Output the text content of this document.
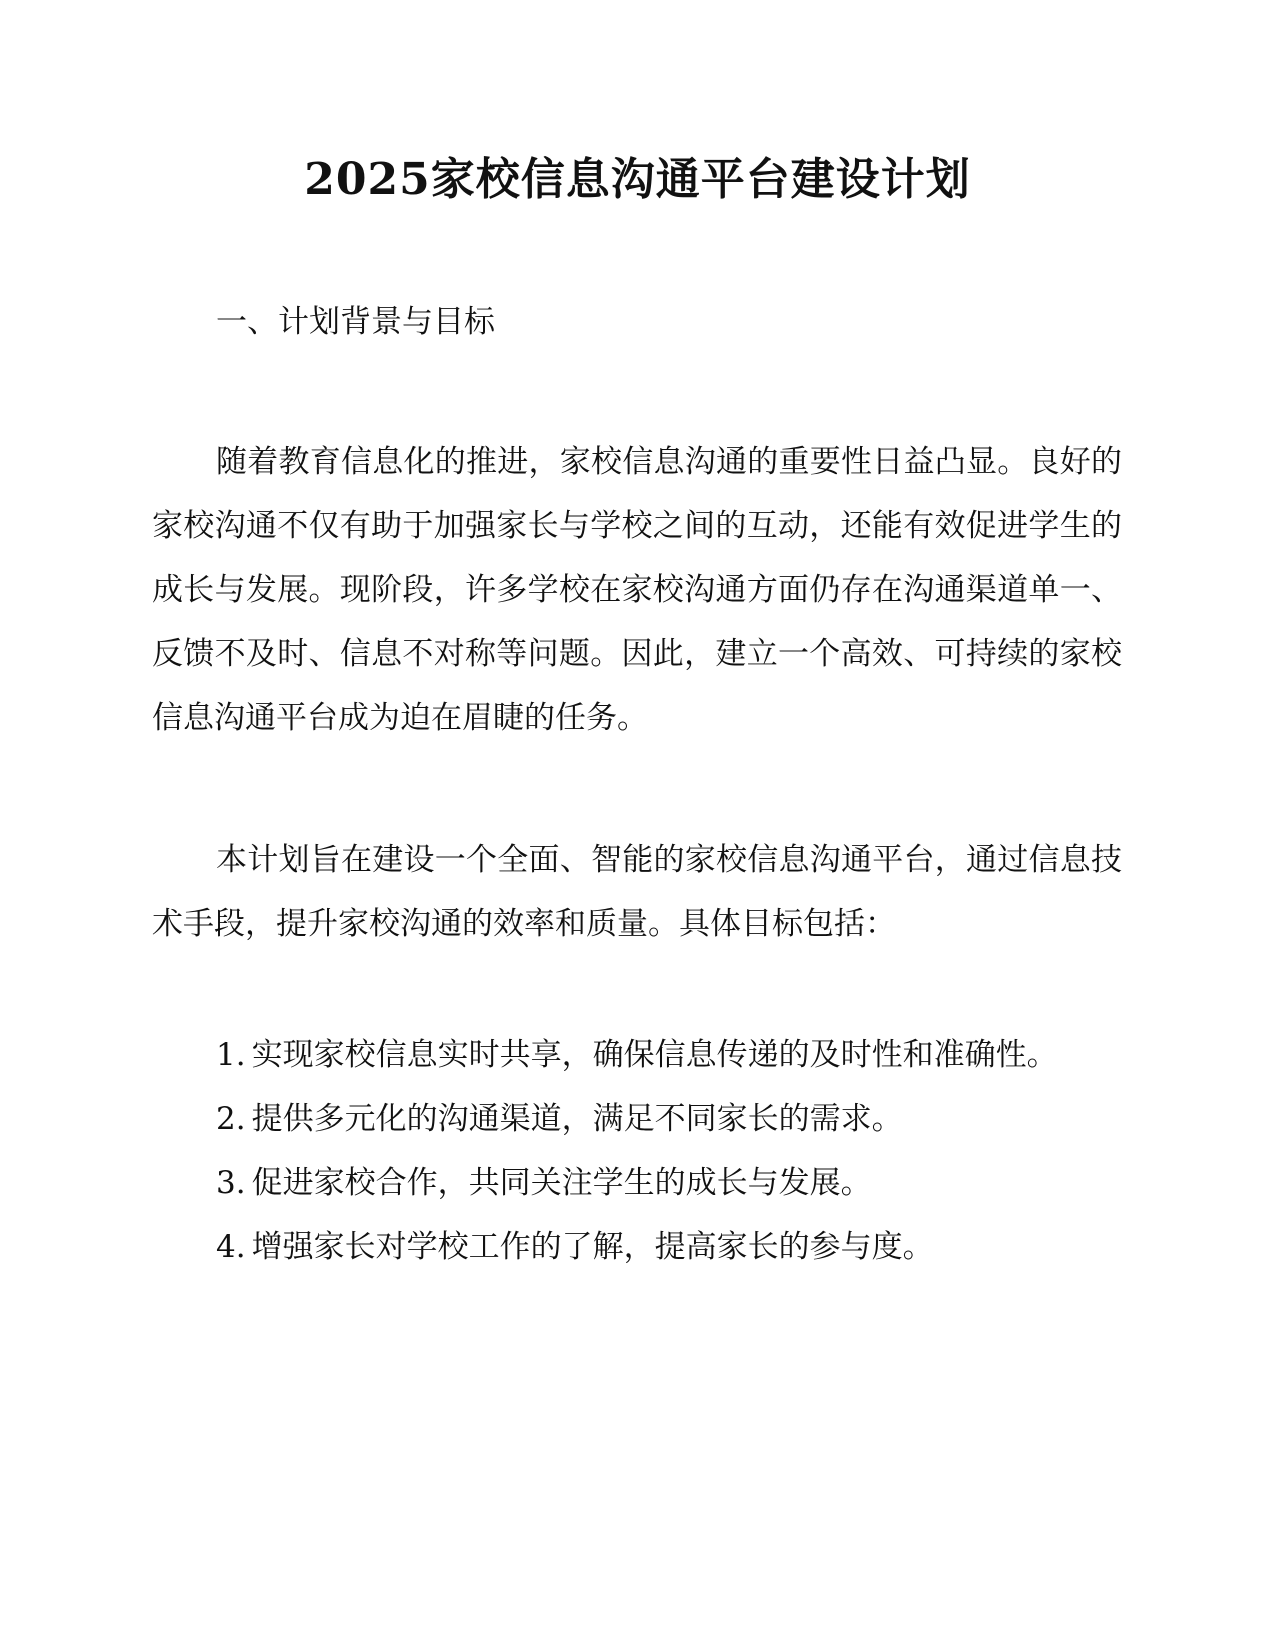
2025家校信息沟通平台建设计划
一、计划背景与目标

随着教育信息化的推进，家校信息沟通的重要性日益凸显。良好的家校沟通不仅有助于加强家长与学校之间的互动，还能有效促进学生的成长与发展。现阶段，许多学校在家校沟通方面仍存在沟通渠道单一、反馈不及时、信息不对称等问题。因此，建立一个高效、可持续的家校信息沟通平台成为迫在眉睫的任务。

本计划旨在建设一个全面、智能的家校信息沟通平台，通过信息技术手段，提升家校沟通的效率和质量。具体目标包括：

1. 实现家校信息实时共享，确保信息传递的及时性和准确性。
2. 提供多元化的沟通渠道，满足不同家长的需求。
3. 促进家校合作，共同关注学生的成长与发展。
4. 增强家长对学校工作的了解，提高家长的参与度。
